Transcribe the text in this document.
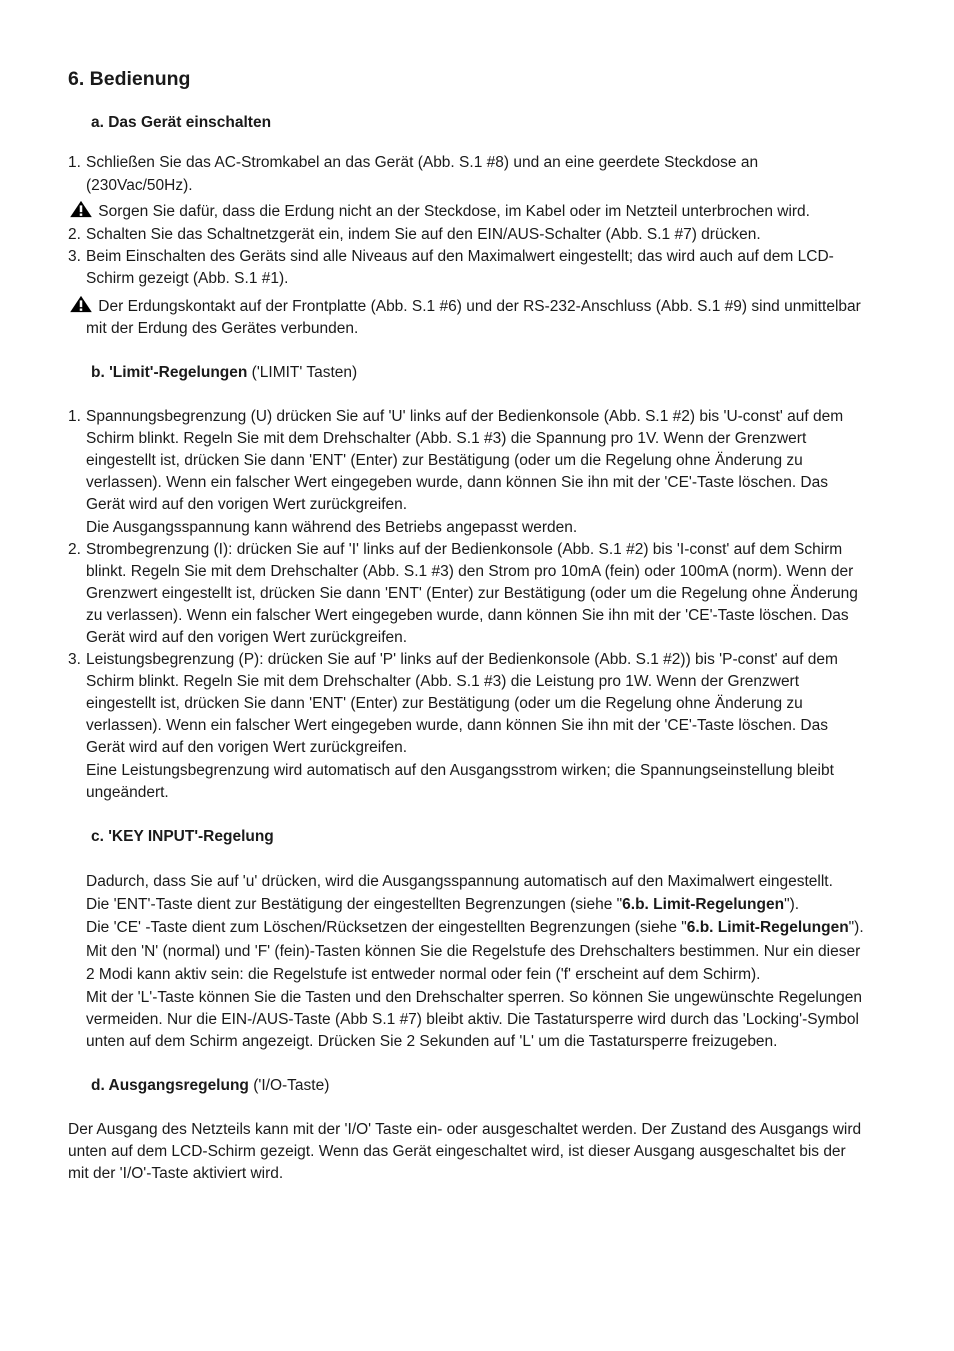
6. Bedienung
a. Das Gerät einschalten
1. Schließen Sie das AC-Stromkabel an das Gerät (Abb. S.1 #8) und an eine geerdete Steckdose an
(230Vac/50Hz).
Sorgen Sie dafür, dass die Erdung nicht an der Steckdose, im Kabel oder im Netzteil unterbrochen wird.
2. Schalten Sie das Schaltnetzgerät ein, indem Sie auf den EIN/AUS-Schalter (Abb. S.1 #7) drücken.
3. Beim Einschalten des Geräts sind alle Niveaus auf den Maximalwert eingestellt; das wird auch auf dem LCD-
Schirm gezeigt (Abb. S.1 #1).
Der Erdungskontakt auf der Frontplatte (Abb. S.1 #6) und der RS-232-Anschluss (Abb. S.1 #9) sind unmittelbar
mit der Erdung des Gerätes verbunden.
b. 'Limit'-Regelungen ('LIMIT' Tasten)
1. Spannungsbegrenzung (U) drücken Sie auf 'U' links auf der Bedienkonsole (Abb. S.1 #2) bis 'U-const' auf dem
Schirm blinkt. Regeln Sie mit dem Drehschalter (Abb. S.1 #3) die Spannung pro 1V. Wenn der Grenzwert
eingestellt ist, drücken Sie dann 'ENT' (Enter) zur Bestätigung (oder um die Regelung ohne Änderung zu
verlassen). Wenn ein falscher Wert eingegeben wurde, dann können Sie ihn mit der 'CE'-Taste löschen. Das
Gerät wird auf den vorigen Wert zurückgreifen.
Die Ausgangsspannung kann während des Betriebs angepasst werden.
2. Strombegrenzung (I): drücken Sie auf 'I' links auf der Bedienkonsole (Abb. S.1 #2) bis 'I-const' auf dem Schirm
blinkt. Regeln Sie mit dem Drehschalter (Abb. S.1 #3) den Strom pro 10mA (fein) oder 100mA (norm). Wenn der
Grenzwert eingestellt ist, drücken Sie dann 'ENT' (Enter) zur Bestätigung (oder um die Regelung ohne Änderung
zu verlassen). Wenn ein falscher Wert eingegeben wurde, dann können Sie ihn mit der 'CE'-Taste löschen. Das
Gerät wird auf den vorigen Wert zurückgreifen.
3. Leistungsbegrenzung (P): drücken Sie auf 'P' links auf der Bedienkonsole (Abb. S.1 #2)) bis 'P-const' auf dem
Schirm blinkt. Regeln Sie mit dem Drehschalter (Abb. S.1 #3) die Leistung pro 1W. Wenn der Grenzwert
eingestellt ist, drücken Sie dann 'ENT' (Enter) zur Bestätigung (oder um die Regelung ohne Änderung zu
verlassen). Wenn ein falscher Wert eingegeben wurde, dann können Sie ihn mit der 'CE'-Taste löschen. Das
Gerät wird auf den vorigen Wert zurückgreifen.
Eine Leistungsbegrenzung wird automatisch auf den Ausgangsstrom wirken; die Spannungseinstellung bleibt
ungeändert.
c. 'KEY INPUT'-Regelung
Dadurch, dass Sie auf 'u' drücken, wird die Ausgangsspannung automatisch auf den Maximalwert eingestellt.
Die 'ENT'-Taste dient zur Bestätigung der eingestellten Begrenzungen (siehe "6.b. Limit-Regelungen").
Die 'CE' -Taste dient zum Löschen/Rücksetzen der eingestellten Begrenzungen (siehe "6.b. Limit-Regelungen").
Mit den 'N' (normal) und 'F' (fein)-Tasten können Sie die Regelstufe des Drehschalters bestimmen. Nur ein dieser
2 Modi kann aktiv sein: die Regelstufe ist entweder normal oder fein ('f' erscheint auf dem Schirm).
Mit der 'L'-Taste können Sie die Tasten und den Drehschalter sperren. So können Sie ungewünschte Regelungen
vermeiden. Nur die EIN-/AUS-Taste (Abb S.1 #7) bleibt aktiv. Die Tastatursperre wird durch das 'Locking'-Symbol
unten auf dem Schirm angezeigt. Drücken Sie 2 Sekunden auf 'L' um die Tastatursperre freizugeben.
d. Ausgangsregelung ('I/O-Taste)
Der Ausgang des Netzteils kann mit der 'I/O' Taste ein- oder ausgeschaltet werden. Der Zustand des Ausgangs wird
unten auf dem LCD-Schirm gezeigt. Wenn das Gerät eingeschaltet wird, ist dieser Ausgang ausgeschaltet bis der
mit der 'I/O'-Taste aktiviert wird.
